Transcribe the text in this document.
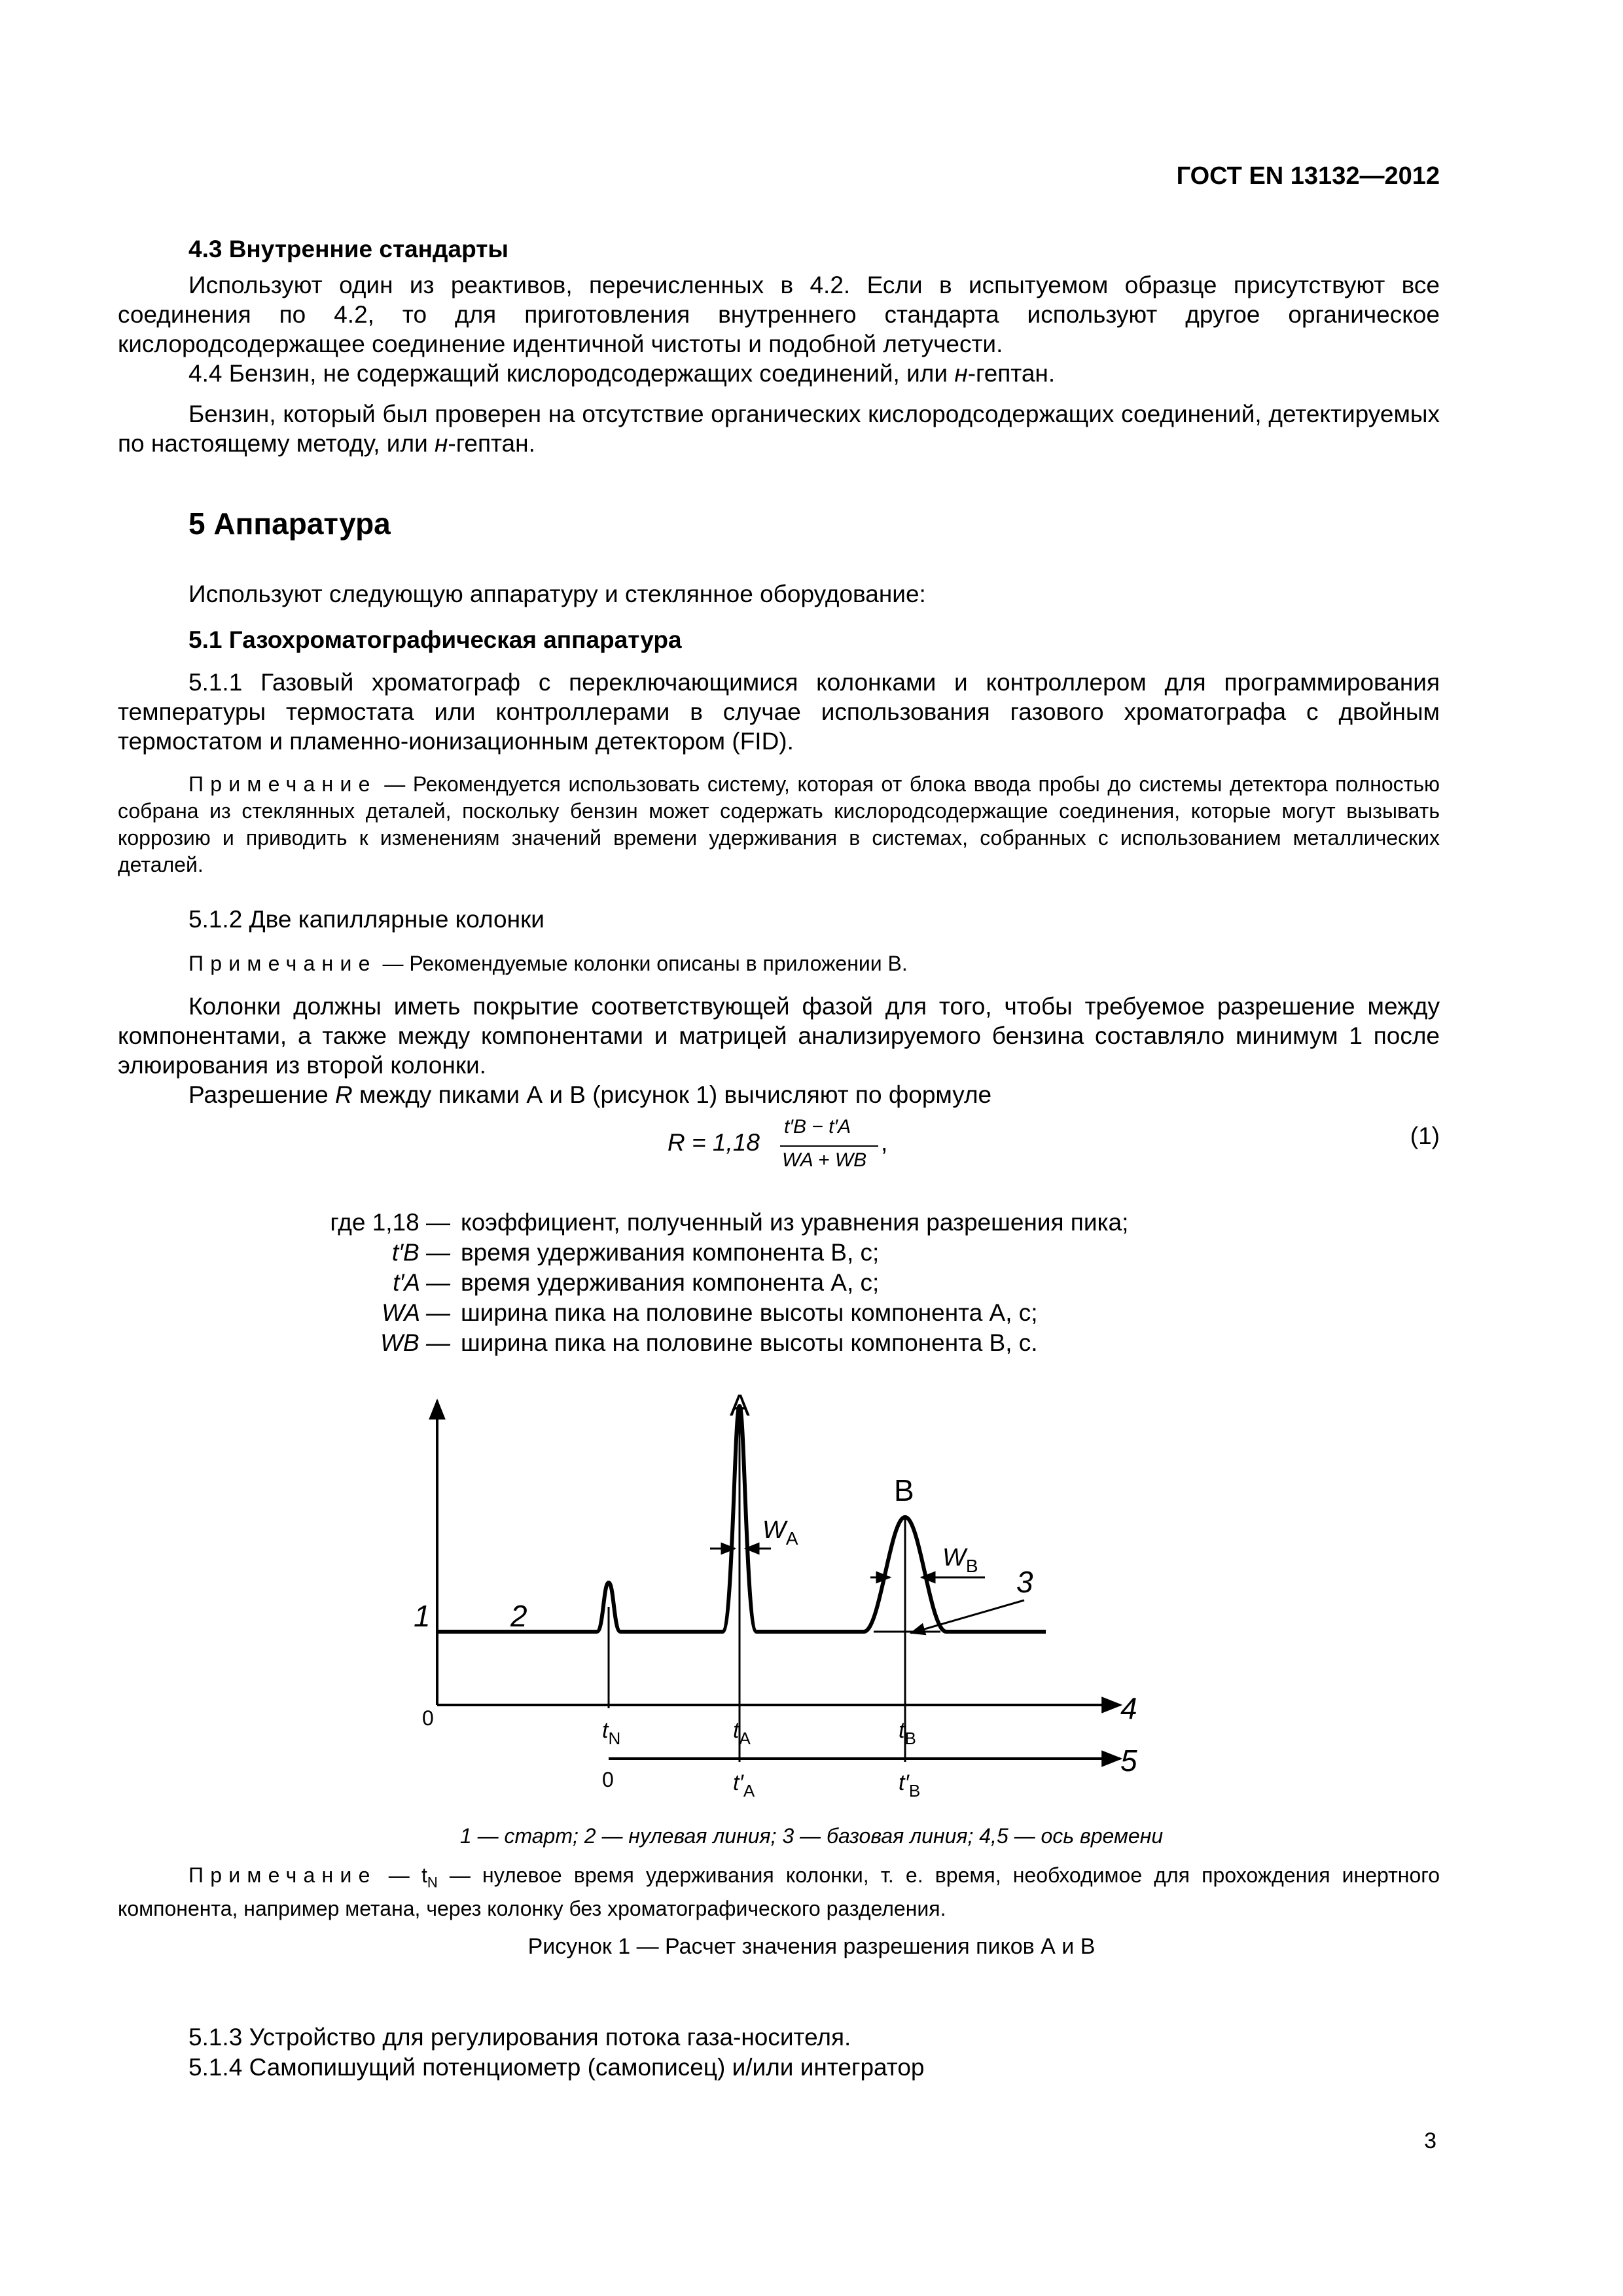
ГОСТ EN 13132—2012
4.3 Внутренние стандарты
Используют один из реактивов, перечисленных в 4.2. Если в испытуемом образце присутствуют все соединения по 4.2, то для приготовления внутреннего стандарта используют другое органическое кислородсодержащее соединение идентичной чистоты и подобной летучести.
4.4 Бензин, не содержащий кислородсодержащих соединений, или н-гептан.
Бензин, который был проверен на отсутствие органических кислородсодержащих соединений, детектируемых по настоящему методу, или н-гептан.
5 Аппаратура
Используют следующую аппаратуру и стеклянное оборудование:
5.1 Газохроматографическая аппаратура
5.1.1 Газовый хроматограф с переключающимися колонками и контроллером для программирования температуры термостата или контроллерами в случае использования газового хроматографа с двойным термостатом и пламенно-ионизационным детектором (FID).
Примечание — Рекомендуется использовать систему, которая от блока ввода пробы до системы детектора полностью собрана из стеклянных деталей, поскольку бензин может содержать кислородсодержащие соединения, которые могут вызывать коррозию и приводить к изменениям значений времени удерживания в системах, собранных с использованием металлических деталей.
5.1.2 Две капиллярные колонки
Примечание — Рекомендуемые колонки описаны в приложении В.
Колонки должны иметь покрытие соответствующей фазой для того, чтобы требуемое разрешение между компонентами, а также между компонентами и матрицей анализируемого бензина составляло минимум 1 после элюирования из второй колонки.
Разрешение R между пиками А и В (рисунок 1) вычисляют по формуле
R = 1,18
t′B − t′A
WA + WB
,	(1)
где 1,18 — коэффициент, полученный из уравнения разрешения пика;
t′B — время удерживания компонента В, с;
t′A — время удерживания компонента А, с;
WA — ширина пика на половине высоты компонента А, с;
WB — ширина пика на половине высоты компонента В, с.
A
B
$W_A$
$W_B$
1	2
3
4
5
0
0
$t_N$	$t_A$	$t_B$
$t'_A$	$t'_B$
1 — старт; 2 — нулевая линия; 3 — базовая линия; 4,5 — ось времени
Примечание — $t_N$ — нулевое время удерживания колонки, т. е. время, необходимое для прохождения инертного компонента, например метана, через колонку без хроматографического разделения.
Рисунок 1 — Расчет значения разрешения пиков А и В
5.1.3 Устройство для регулирования потока газа-носителя.
5.1.4 Самопишущий потенциометр (самописец) и/или интегратор
3
